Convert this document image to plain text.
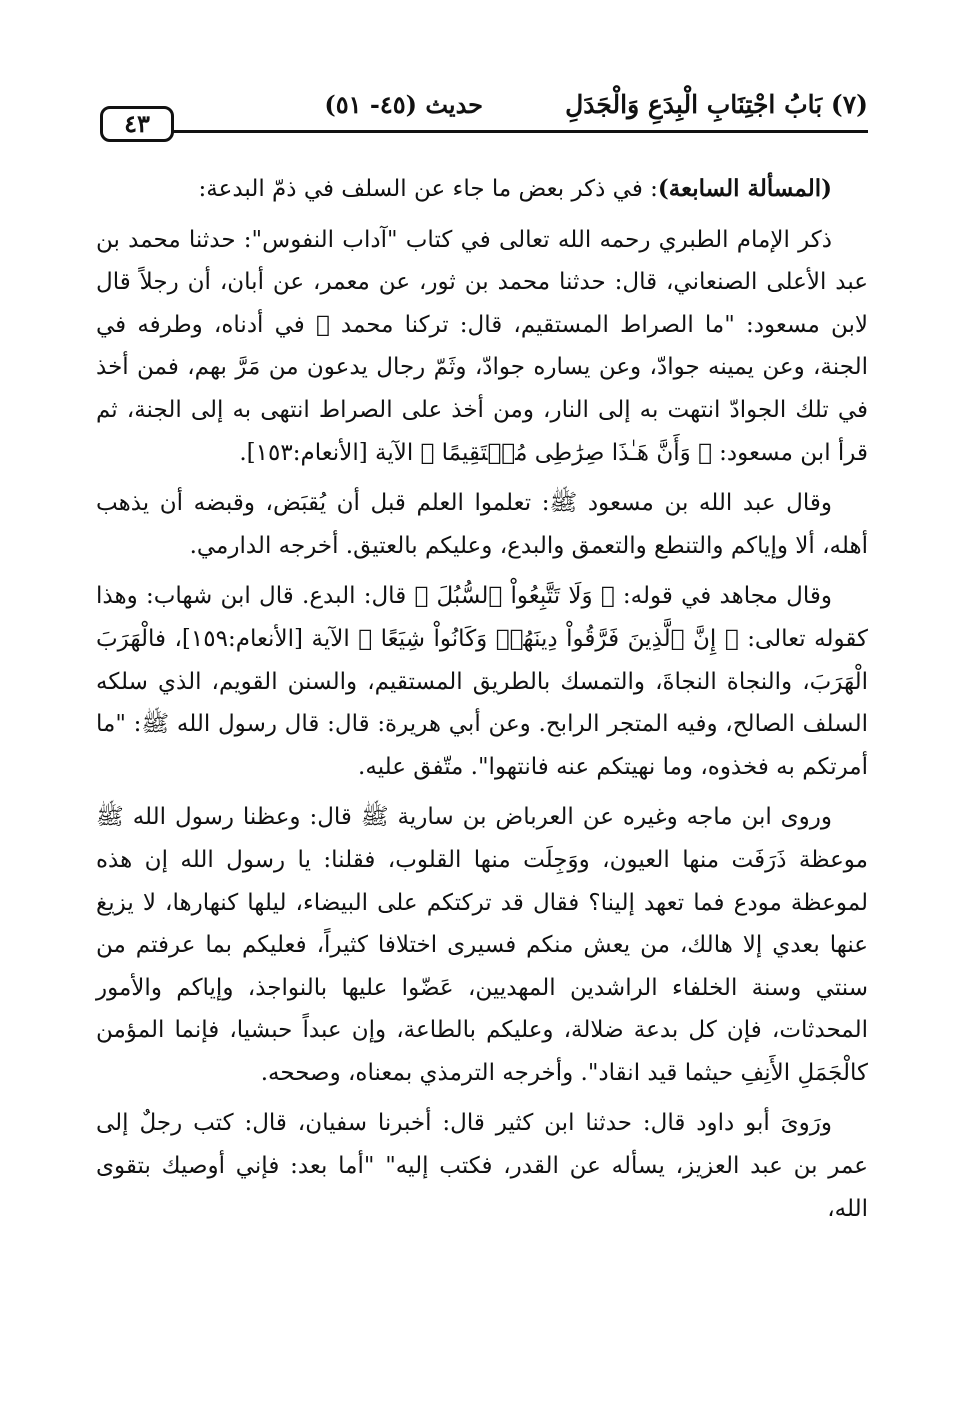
(٧) بَابُ اجْتِنَابِ الْبِدَعِ وَالْجَدَلِ
حديث (٤٥- ٥١)
٤٣

(المسألة السابعة): في ذكر بعض ما جاء عن السلف في ذمّ البدعة:

ذكر الإمام الطبري رحمه الله تعالى في كتاب "آداب النفوس": حدثنا محمد بن عبد الأعلى الصنعاني، قال: حدثنا محمد بن ثور، عن معمر، عن أبان، أن رجلاً قال لابن مسعود: "ما الصراط المستقيم، قال: تركنا محمد ﷺ في أدناه، وطرفه في الجنة، وعن يمينه جوادّ، وعن يساره جوادّ، وثَمّ رجال يدعون من مَرَّ بهم، فمن أخذ في تلك الجوادّ انتهت به إلى النار، ومن أخذ على الصراط انتهى به إلى الجنة، ثم قرأ ابن مسعود: ﴿ وَأَنَّ هَـٰذَا صِرَٰطِى مُسۡتَقِيمًا ﴾ الآية [الأنعام:١٥٣].

وقال عبد الله بن مسعود ﷺ: تعلموا العلم قبل أن يُقبَض، وقبضه أن يذهب أهله، ألا وإياكم والتنطع والتعمق والبدع، وعليكم بالعتيق. أخرجه الدارمي.

وقال مجاهد في قوله: ﴿ وَلَا تَتَّبِعُواْ ٱلسُّبُلَ ﴾ قال: البدع. قال ابن شهاب: وهذا كقوله تعالى: ﴿ إِنَّ ٱلَّذِينَ فَرَّقُواْ دِينَهُمۡ وَكَانُواْ شِيَعًا ﴾ الآية [الأنعام:١٥٩]، فالْهَرَبَ الْهَرَبَ، والنجاة النجاةَ، والتمسك بالطريق المستقيم، والسنن القويم، الذي سلكه السلف الصالح، وفيه المتجر الرابح. وعن أبي هريرة: قال: قال رسول الله ﷺ: "ما أمرتكم به فخذوه، وما نهيتكم عنه فانتهوا". متّفق عليه.

وروى ابن ماجه وغيره عن العرباض بن سارية ﷺ قال: وعظنا رسول الله ﷺ موعظة ذَرَفَت منها العيون، ووَجِلَت منها القلوب، فقلنا: يا رسول الله إن هذه لموعظة مودع فما تعهد إلينا؟ فقال قد تركتكم على البيضاء، ليلها كنهارها، لا يزيغ عنها بعدي إلا هالك، من يعش منكم فسيرى اختلافا كثيراً، فعليكم بما عرفتم من سنتي وسنة الخلفاء الراشدين المهديين، عَضّوا عليها بالنواجذ، وإياكم والأمور المحدثات، فإن كل بدعة ضلالة، وعليكم بالطاعة، وإن عبداً حبشيا، فإنما المؤمن كالْجَمَلِ الأَنِفِ حيثما قيد انقاد". وأخرجه الترمذي بمعناه، وصححه.

ورَوىَ أبو داود قال: حدثنا ابن كثير قال: أخبرنا سفيان، قال: كتب رجلٌ إلى عمر بن عبد العزيز، يسأله عن القدر، فكتب إليه" "أما بعد: فإني أوصيك بتقوى الله،
